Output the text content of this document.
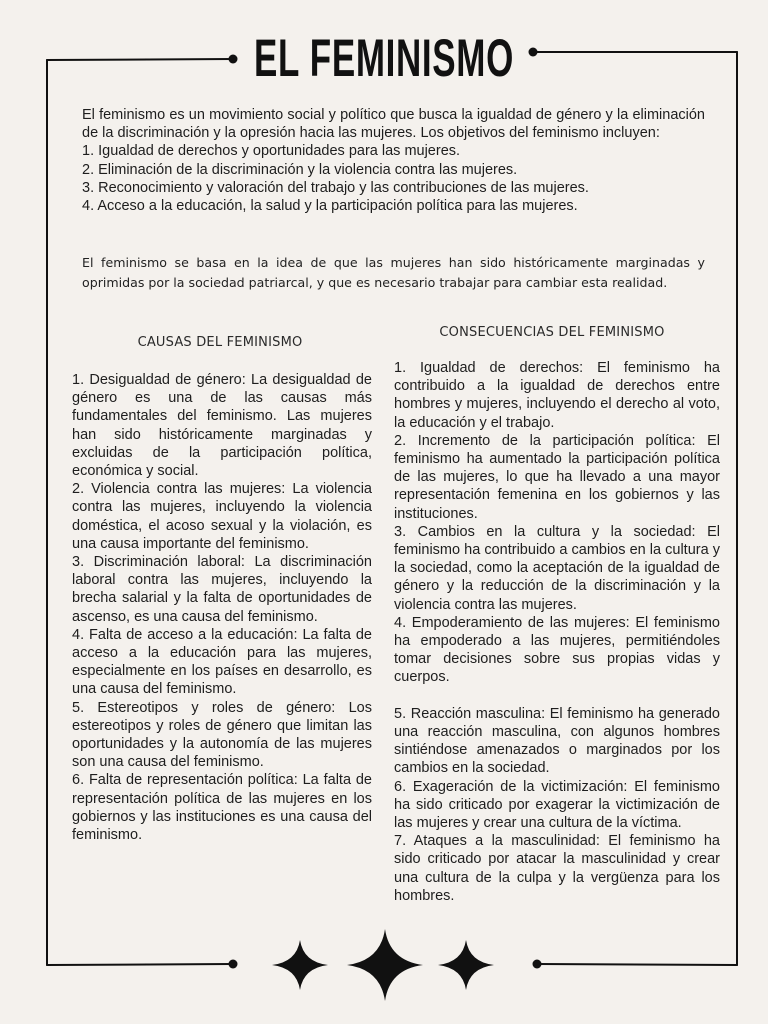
EL FEMINISMO

El feminismo es un movimiento social y político que busca la igualdad de género y la eliminación de la discriminación y la opresión hacia las mujeres. Los objetivos del feminismo incluyen:

1. Igualdad de derechos y oportunidades para las mujeres.

2. Eliminación de la discriminación y la violencia contra las mujeres.

3. Reconocimiento y valoración del trabajo y las contribuciones de las mujeres.

4. Acceso a la educación, la salud y la participación política para las mujeres.

El feminismo se basa en la idea de que las mujeres han sido históricamente marginadas y oprimidas por la sociedad patriarcal, y que es necesario trabajar para cambiar esta realidad.

CAUSAS DEL FEMINISMO
CONSECUENCIAS DEL FEMINISMO

1. Desigualdad de género: La desigualdad de género es una de las causas más fundamentales del feminismo. Las mujeres han sido históricamente marginadas y excluidas de la participación política, económica y social.

2. Violencia contra las mujeres: La violencia contra las mujeres, incluyendo la violencia doméstica, el acoso sexual y la violación, es una causa importante del feminismo.

3. Discriminación laboral: La discriminación laboral contra las mujeres, incluyendo la brecha salarial y la falta de oportunidades de ascenso, es una causa del feminismo.

4. Falta de acceso a la educación: La falta de acceso a la educación para las mujeres, especialmente en los países en desarrollo, es una causa del feminismo.

5. Estereotipos y roles de género: Los estereotipos y roles de género que limitan las oportunidades y la autonomía de las mujeres son una causa del feminismo.

6. Falta de representación política: La falta de representación política de las mujeres en los gobiernos y las instituciones es una causa del feminismo.

1. Igualdad de derechos: El feminismo ha contribuido a la igualdad de derechos entre hombres y mujeres, incluyendo el derecho al voto, la educación y el trabajo.

2. Incremento de la participación política: El feminismo ha aumentado la participación política de las mujeres, lo que ha llevado a una mayor representación femenina en los gobiernos y las instituciones.

3. Cambios en la cultura y la sociedad: El feminismo ha contribuido a cambios en la cultura y la sociedad, como la aceptación de la igualdad de género y la reducción de la discriminación y la violencia contra las mujeres.

4. Empoderamiento de las mujeres: El feminismo ha empoderado a las mujeres, permitiéndoles tomar decisiones sobre sus propias vidas y cuerpos.

5. Reacción masculina: El feminismo ha generado una reacción masculina, con algunos hombres sintiéndose amenazados o marginados por los cambios en la sociedad.

6. Exageración de la victimización: El feminismo ha sido criticado por exagerar la victimización de las mujeres y crear una cultura de la víctima.

7. Ataques a la masculinidad: El feminismo ha sido criticado por atacar la masculinidad y crear una cultura de la culpa y la vergüenza para los hombres.
